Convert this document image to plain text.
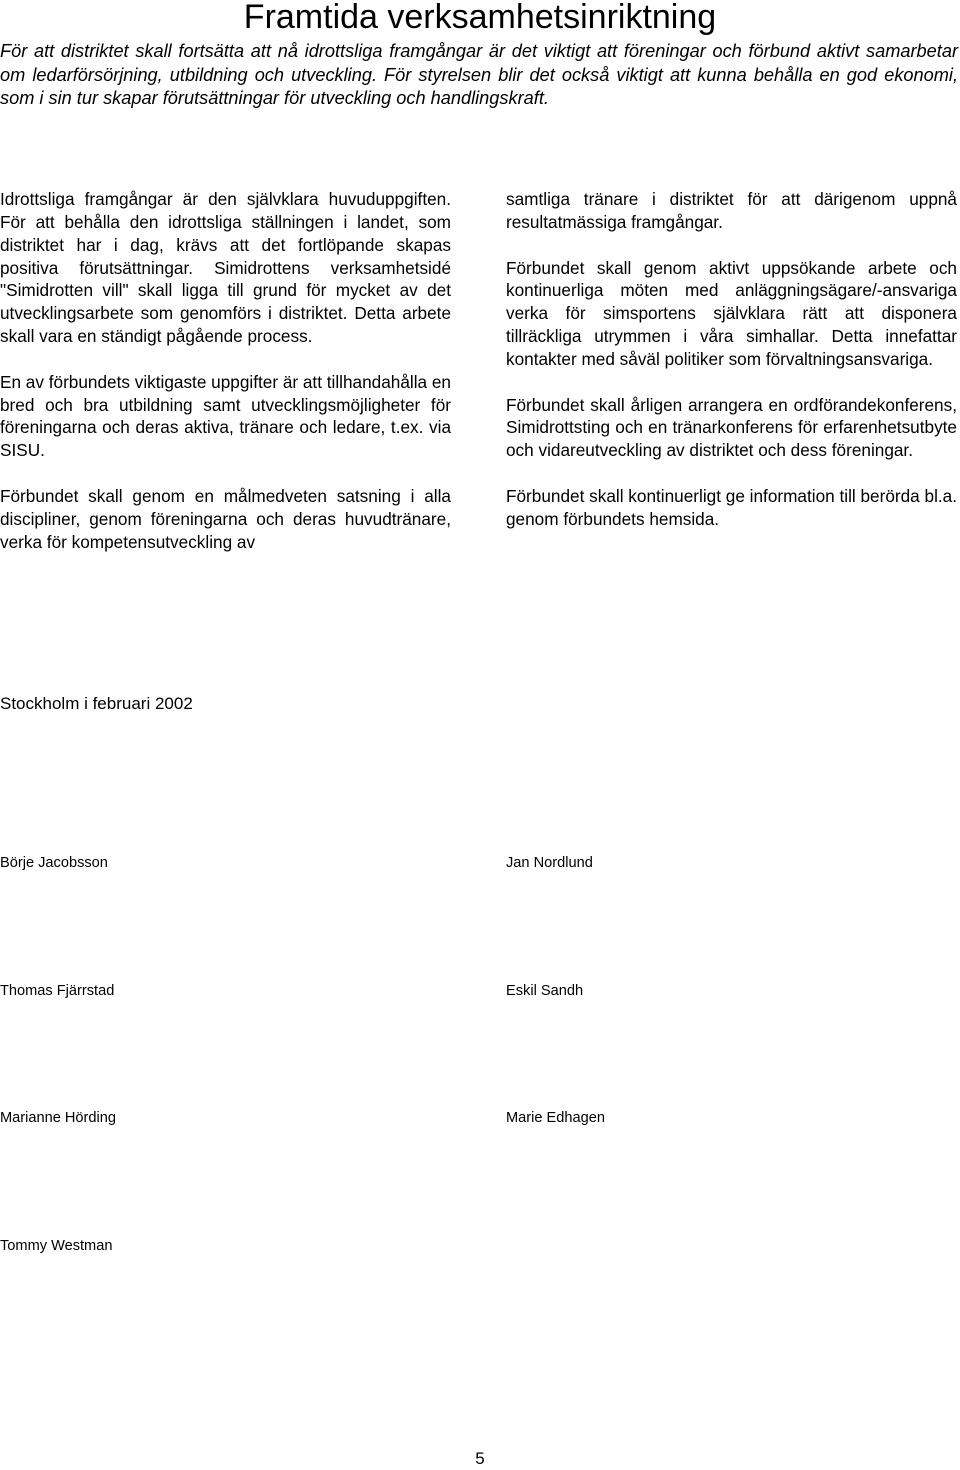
Framtida verksamhetsinriktning

För att distriktet skall fortsätta att nå idrottsliga framgångar är det viktigt att föreningar och förbund aktivt samarbetar om ledarförsörjning, utbildning och utveckling. För styrelsen blir det också viktigt att kunna behålla en god ekonomi, som i sin tur skapar förutsättningar för utveckling och handlingskraft.

Idrottsliga framgångar är den självklara huvuduppgiften. För att behålla den idrottsliga ställningen i landet, som distriktet har i dag, krävs att det fortlöpande skapas positiva förutsättningar. Simidrottens verksamhetsidé "Simidrotten vill" skall ligga till grund för mycket av det utvecklingsarbete som genomförs i distriktet. Detta arbete skall vara en ständigt pågående process.

En av förbundets viktigaste uppgifter är att tillhandahålla en bred och bra utbildning samt utvecklingsmöjligheter för föreningarna och deras aktiva, tränare och ledare, t.ex. via SISU.

Förbundet skall genom en målmedveten satsning i alla discipliner, genom föreningarna och deras huvudtränare, verka för kompetensutveckling av

samtliga tränare i distriktet för att därigenom uppnå resultatmässiga framgångar.

Förbundet skall genom aktivt uppsökande arbete och kontinuerliga möten med anläggningsägare/-ansvariga verka för simsportens självklara rätt att disponera tillräckliga utrymmen i våra simhallar. Detta innefattar kontakter med såväl politiker som förvaltningsansvariga.

Förbundet skall årligen arrangera en ordförandekonferens, Simidrottsting och en tränarkonferens för erfarenhetsutbyte och vidareutveckling av distriktet och dess föreningar.

Förbundet skall kontinuerligt ge information till berörda bl.a. genom förbundets hemsida.

Stockholm i februari 2002
Börje Jacobsson	Jan Nordlund
Thomas Fjärrstad	Eskil Sandh
Marianne Hörding	Marie Edhagen
Tommy Westman
5
